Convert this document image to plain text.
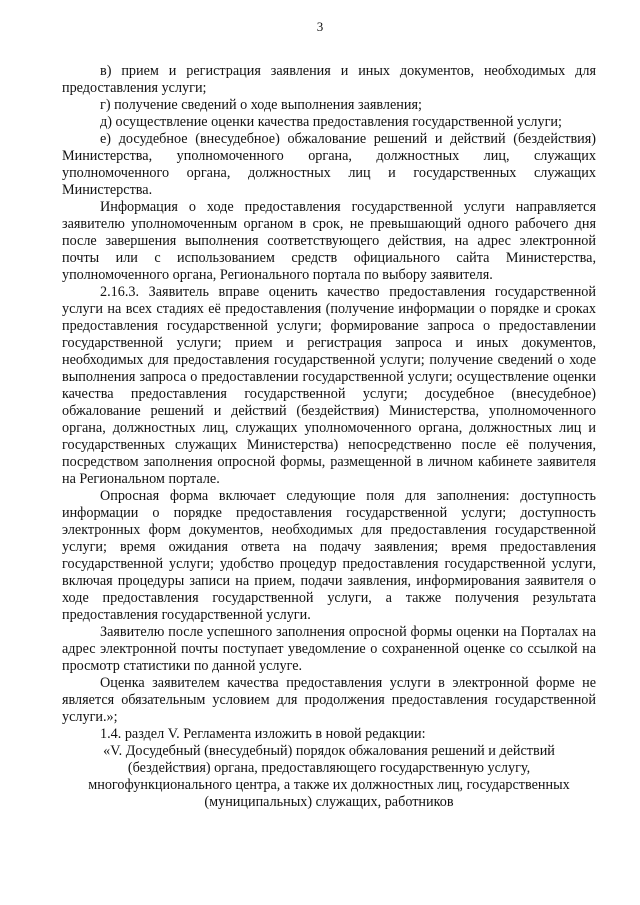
3

в) прием и регистрация заявления и иных документов, необходимых для предоставления услуги;

г) получение сведений о ходе выполнения заявления;

д) осуществление оценки качества предоставления государственной услуги;

е) досудебное (внесудебное) обжалование решений и действий (бездействия) Министерства, уполномоченного органа, должностных лиц, служащих уполномоченного органа, должностных лиц и государственных служащих Министерства.

Информация о ходе предоставления государственной услуги направляется заявителю уполномоченным органом в срок, не превышающий одного рабочего дня после завершения выполнения соответствующего действия, на адрес электронной почты или с использованием средств официального сайта Министерства, уполномоченного органа, Регионального портала по выбору заявителя.

2.16.3. Заявитель вправе оценить качество предоставления государственной услуги на всех стадиях её предоставления (получение информации о порядке и сроках предоставления государственной услуги; формирование запроса о предоставлении государственной услуги; прием и регистрация запроса и иных документов, необходимых для предоставления государственной услуги; получение сведений о ходе выполнения запроса о предоставлении государственной услуги; осуществление оценки качества предоставления государственной услуги; досудебное (внесудебное) обжалование решений и действий (бездействия) Министерства, уполномоченного органа, должностных лиц, служащих уполномоченного органа, должностных лиц и государственных служащих Министерства) непосредственно после её получения, посредством заполнения опросной формы, размещенной в личном кабинете заявителя на Региональном портале.

Опросная форма включает следующие поля для заполнения: доступность информации о порядке предоставления государственной услуги; доступность электронных форм документов, необходимых для предоставления государственной услуги; время ожидания ответа на подачу заявления; время предоставления государственной услуги; удобство процедур предоставления государственной услуги, включая процедуры записи на прием, подачи заявления, информирования заявителя о ходе предоставления государственной услуги, а также получения результата предоставления государственной услуги.

Заявителю после успешного заполнения опросной формы оценки на Порталах на адрес электронной почты поступает уведомление о сохраненной оценке со ссылкой на просмотр статистики по данной услуге.

Оценка заявителем качества предоставления услуги в электронной форме не является обязательным условием для продолжения предоставления государственной услуги.»;

1.4. раздел V. Регламента изложить в новой редакции:

«V. Досудебный (внесудебный) порядок обжалования решений и действий (бездействия) органа, предоставляющего государственную услугу, многофункционального центра, а также их должностных лиц, государственных (муниципальных) служащих, работников
